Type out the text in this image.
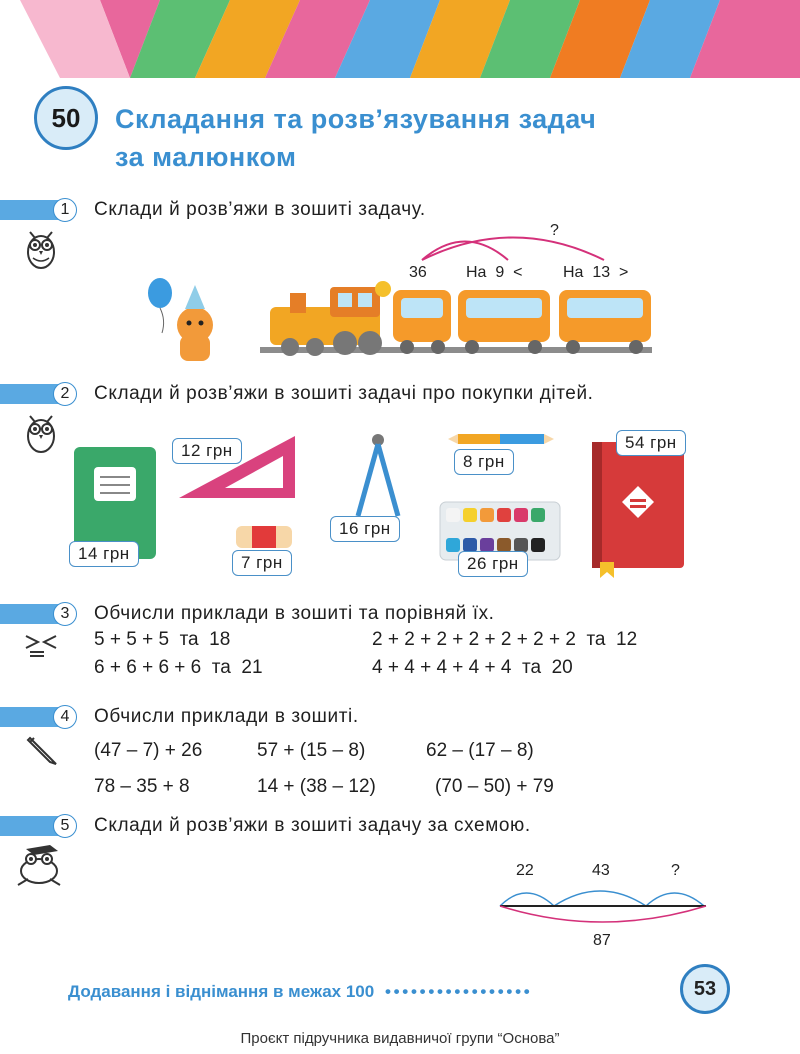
50	Складання та розв’язування задач
за малюнком
1	Склади й розв’яжи в зошиті задачу.
?
36 На  9  <	На  13  >
2	Склади й розв’яжи в зошиті задачі про покупки дітей.
14 грн
12 грн
7 грн
16 грн
8 грн
26 грн
54 грн
3	Обчисли приклади в зошиті та порівняй їх.
5 + 5 + 5  та  18	2 + 2 + 2 + 2 + 2 + 2 + 2  та  12
6 + 6 + 6 + 6  та  21	4 + 4 + 4 + 4 + 4  та  20
4	Обчисли приклади в зошиті.
(47 – 7) + 26	57 + (15 – 8)	62 – (17 – 8)
78 – 35 + 8	14 + (38 – 12)	(70 – 50) + 79
5	Склади й розв’яжи в зошиті задачу за схемою.
22	43	?
87
Додавання і віднімання в межах 100 • • • • • • • • • • • • • • • • •	53
Проєкт підручника видавничої групи “Основа”
